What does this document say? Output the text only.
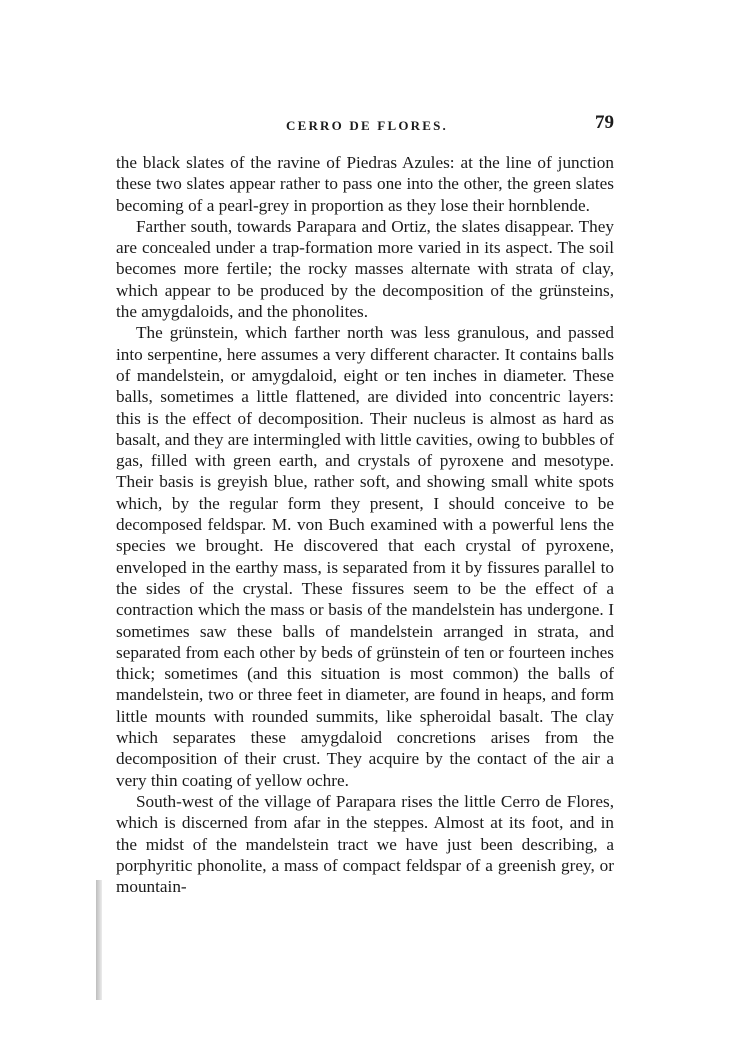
CERRO DE FLORES.	79

the black slates of the ravine of Piedras Azules: at the line of junction these two slates appear rather to pass one into the other, the green slates becoming of a pearl-grey in proportion as they lose their hornblende.

Farther south, towards Parapara and Ortiz, the slates disappear. They are concealed under a trap-formation more varied in its aspect. The soil becomes more fertile; the rocky masses alternate with strata of clay, which appear to be produced by the decomposition of the grünsteins, the amygdaloids, and the phonolites.

The grünstein, which farther north was less granulous, and passed into serpentine, here assumes a very different character. It contains balls of mandelstein, or amygdaloid, eight or ten inches in diameter. These balls, sometimes a little flattened, are divided into concentric layers: this is the effect of decomposition. Their nucleus is almost as hard as basalt, and they are intermingled with little cavities, owing to bubbles of gas, filled with green earth, and crystals of pyroxene and mesotype. Their basis is greyish blue, rather soft, and showing small white spots which, by the regular form they present, I should conceive to be decomposed feldspar. M. von Buch examined with a powerful lens the species we brought. He discovered that each crystal of pyroxene, enveloped in the earthy mass, is separated from it by fissures parallel to the sides of the crystal. These fissures seem to be the effect of a contraction which the mass or basis of the mandelstein has undergone. I sometimes saw these balls of mandelstein arranged in strata, and separated from each other by beds of grünstein of ten or fourteen inches thick; sometimes (and this situation is most common) the balls of mandelstein, two or three feet in diameter, are found in heaps, and form little mounts with rounded summits, like spheroidal basalt. The clay which separates these amygdaloid concretions arises from the decomposition of their crust. They acquire by the contact of the air a very thin coating of yellow ochre.

South-west of the village of Parapara rises the little Cerro de Flores, which is discerned from afar in the steppes. Almost at its foot, and in the midst of the mandelstein tract we have just been describing, a porphyritic phonolite, a mass of compact feldspar of a greenish grey, or mountain-
